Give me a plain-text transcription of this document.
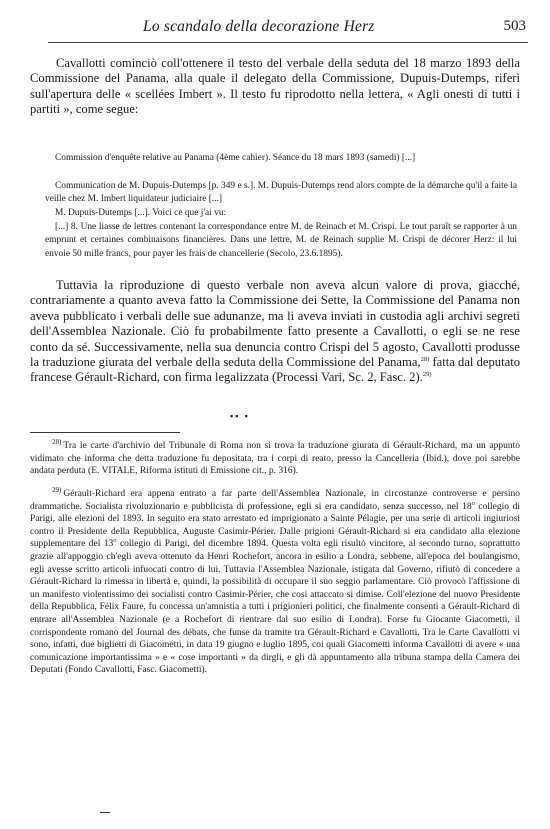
Lo scandalo della decorazione Herz	503

Cavallotti cominciò coll'ottenere il testo del verbale della seduta del 18 marzo 1893 della Commissione del Panama, alla quale il delegato della Commissione, Dupuis-Dutemps, riferì sull'apertura delle « scellées Imbert ». Il testo fu riprodotto nella lettera, « Agli onesti di tutti i partiti », come segue:

Commission d'enquête relative au Panama (4ème cahier). Séance du 18 mars 1893 (samedi) [...]

Communication de M. Dupuis-Dutemps [p. 349 e s.]. M. Dupuis-Dutemps rend alors compte de la démarche qu'il a faite la veille chez M. Imbert liquidateur judiciaire [...]

M. Dupuis-Dutemps [...]. Voici ce que j'ai vu:

[...] 8. Une liasse de lettres contenant la correspondance entre M. de Reinach et M. Crispi. Le tout paraît se rapporter à un emprunt et certaines combinaisons financières. Dans une lettre, M. de Reinach supplie M. Crispi de décorer Herz: il lui envoie 50 mille francs, pour payer les frais de chancellerie (Secolo, 23.6.1895).

Tuttavia la riproduzione di questo verbale non aveva alcun valore di prova, giacché, contrariamente a quanto aveva fatto la Commissione dei Sette, la Commissione del Panama non aveva pubblicato i verbali delle sue adunanze, ma li aveva inviati in custodia agli archivi segreti dell'Assemblea Nazionale. Ciò fu probabilmente fatto presente a Cavallotti, o egli se ne rese conto da sé. Successivamente, nella sua denuncia contro Crispi del 5 agosto, Cavallotti produsse la traduzione giurata del verbale della seduta della Commissione del Panama,$^{28)}$ fatta dal deputato francese Gérault-Richard, con firma legalizzata (Processi Vari, Sc. 2, Fasc. 2).$^{29)}$

▪▪ ▪

$^{28)}$ Tra le carte d'archivio del Tribunale di Roma non si trova la traduzione giurata di Gérault-Richard, ma un appunto vidimato che informa che detta traduzione fu depositata, tra i corpi di reato, presso la Cancelleria (Ibid.), dove poi sarebbe andata perduta (E. VITALE, Riforma istituti di Emissione cit., p. 316).

$^{29)}$ Gérault-Richard era appena entrato a far parte dell'Assemblea Nazionale, in circostanze controverse e persino drammatiche. Socialista rivoluzionario e pubblicista di professione, egli si era candidato, senza successo, nel 18$^o$ collegio di Parigi, alle elezioni del 1893. In seguito era stato arrestato ed imprigionato a Sainte Pélagie, per una serie di articoli ingiuriosi contro il Presidente della Repubblica, Auguste Casimir-Périer. Dalle prigioni Gérault-Richard si era candidato alla elezione supplementare del 13$^o$ collegio di Parigi, del dicembre 1894. Questa volta egli risultò vincitore, al secondo turno, soprattutto grazie all'appoggio ch'egli aveva ottenuto da Henri Rochefort, ancora in esilio a Londra, sebbene, all'epoca del boulangismo, egli avesse scritto articoli infuocati contro di lui. Tuttavia l'Assemblea Nazionale, istigata dal Governo, rifiutò di concedere a Gérault-Richard la rimessa in libertà e, quindi, la possibilità di occupare il suo seggio parlamentare. Ciò provocò l'affissione di un manifesto violentissimo dei socialisti contro Casimir-Périer, che così attaccato si dimise. Coll'elezione del nuovo Presidente della Repubblica, Félix Faure, fu concessa un'amnistia a tutti i prigionieri politici, che finalmente consentì a Gérault-Richard di entrare all'Assemblea Nazionale (e a Rochefort di rientrare dal suo esilio di Londra). Forse fu Giocante Giacometti, il corrispondente romano del Journal des débats, che funse da tramite tra Gérault-Richard e Cavallotti. Tra le Carte Cavallotti vi sono, infatti, due biglietti di Giacometti, in data 19 giugno e luglio 1895, coi quali Giacometti informa Cavallotti di avere « una comunicazione importantissima » e « cose importanti » da dirgli, e gli dà appuntamento alla tribuna stampa della Camera dei Deputati (Fondo Cavallotti, Fasc. Giacometti).
